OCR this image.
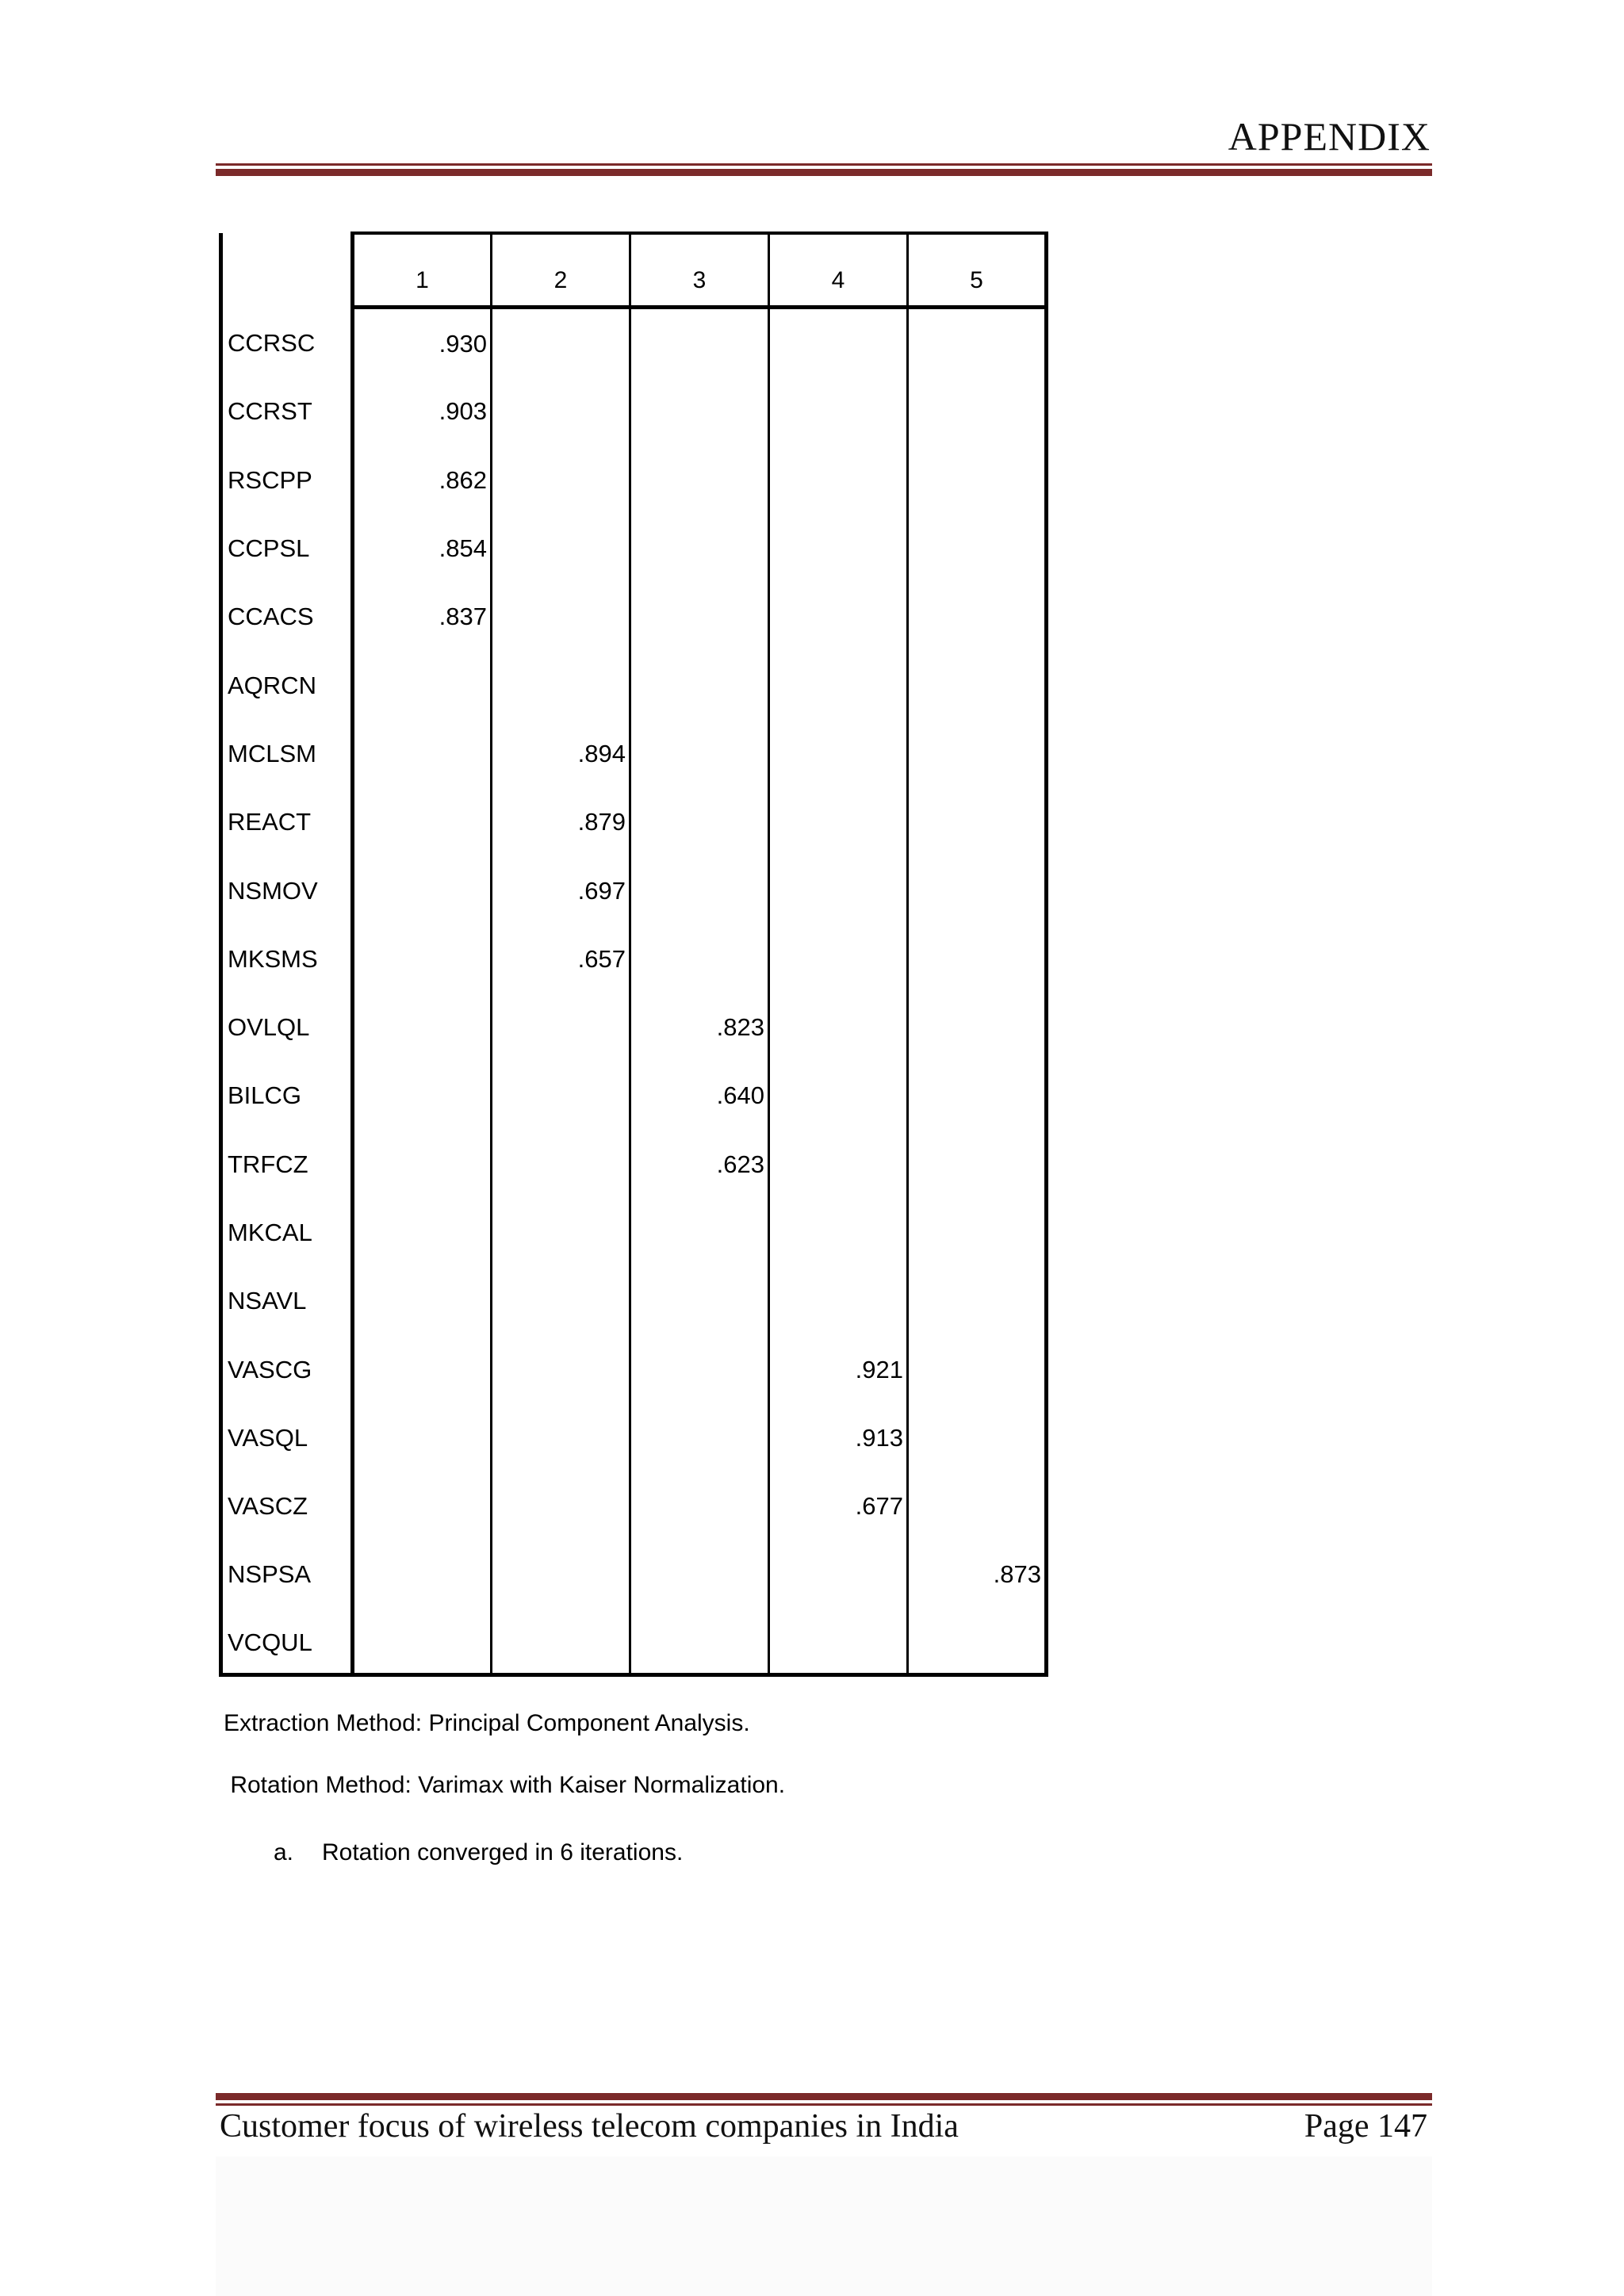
APPENDIX
	1	2	3	4	5
CCRSC	.930				
CCRST	.903				
RSCPP	.862				
CCPSL	.854				
CCACS	.837				
AQRCN					
MCLSM		.894			
REACT		.879			
NSMOV		.697			
MKSMS		.657			
OVLQL			.823		
BILCG			.640		
TRFCZ			.623		
MKCAL					
NSAVL					
VASCG				.921	
VASQL				.913	
VASCZ				.677	
NSPSA					.873
VCQUL					
Extraction Method: Principal Component Analysis.
Rotation Method: Varimax with Kaiser Normalization.
a. Rotation converged in 6 iterations.
Customer focus of wireless telecom companies in India	Page 147
